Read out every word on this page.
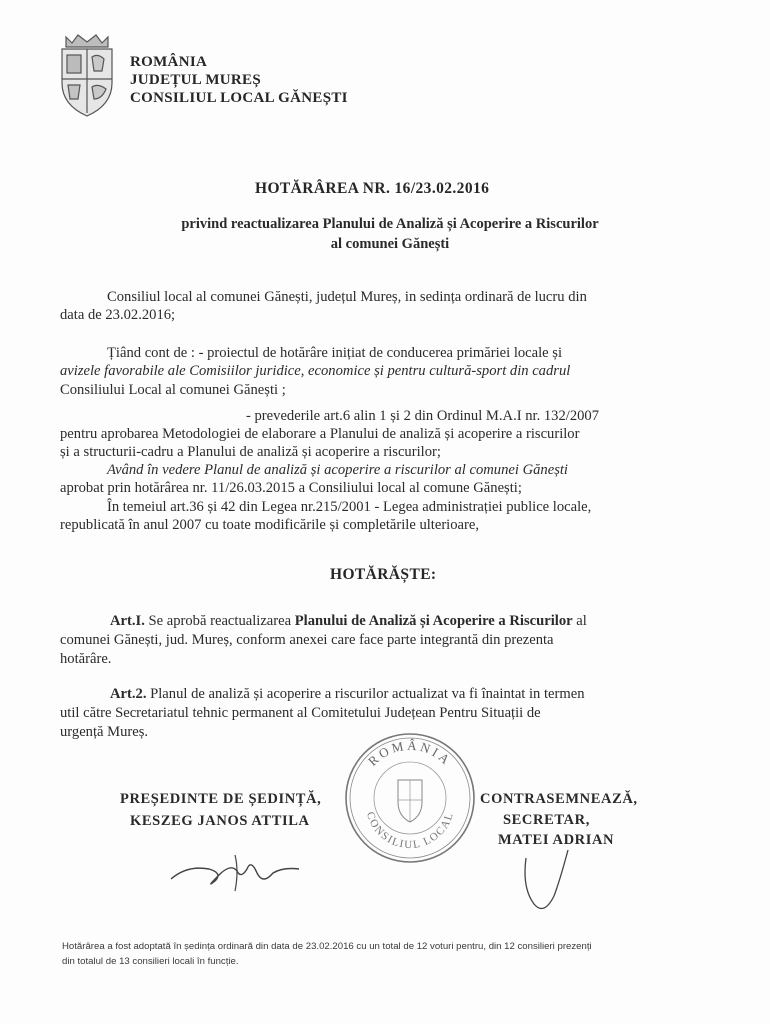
ROMÂNIA
JUDEȚUL MUREȘ
CONSILIUL LOCAL GĂNEȘTI
HOTĂRÂREA NR. 16/23.02.2016
privind reactualizarea Planului de Analiză și Acoperire a Riscurilor
al comunei Gănești
Consiliul local al comunei Gănești, județul Mureș, in sedința ordinară de lucru din
data de 23.02.2016;
Țiând cont de : - proiectul de hotărâre inițiat de conducerea primăriei locale și
avizele favorabile ale Comisiilor juridice, economice și pentru cultură-sport din cadrul
Consiliului Local al comunei Gănești ;
- prevederile art.6 alin 1 și 2 din Ordinul M.A.I nr. 132/2007
pentru aprobarea Metodologiei de elaborare a Planului de analiză și acoperire a riscurilor
și a structurii-cadru a Planului de analiză și acoperire a riscurilor;
Având în vedere Planul de analiză și acoperire a riscurilor al comunei Gănești
aprobat prin hotărârea nr. 11/26.03.2015 a Consiliului local al comune Gănești;
În temeiul art.36 și 42 din Legea nr.215/2001 - Legea administrației publice locale,
republicată în anul 2007 cu toate modificările și completările ulterioare,
HOTĂRĂȘTE:
Art.I. Se aprobă reactualizarea Planului de Analiză și Acoperire a Riscurilor al
comunei Gănești, jud. Mureș, conform anexei care face parte integrantă din prezenta
hotărâre.
Art.2. Planul de analiză și acoperire a riscurilor actualizat va fi înaintat in termen
util către Secretariatul tehnic permanent al Comitetului Județean Pentru Situații de
urgență Mureș.
ROMÂNIA
CONSILIUL LOCAL
PREȘEDINTE DE ȘEDINȚĂ,
KESZEG JANOS ATTILA
CONTRASEMNEAZĂ,
SECRETAR,
MATEI ADRIAN
Hotărârea a fost adoptată în ședința ordinară din data de 23.02.2016 cu un total de 12 voturi pentru, din 12 consilieri prezenți
din totalul de 13 consilieri locali în funcție.
